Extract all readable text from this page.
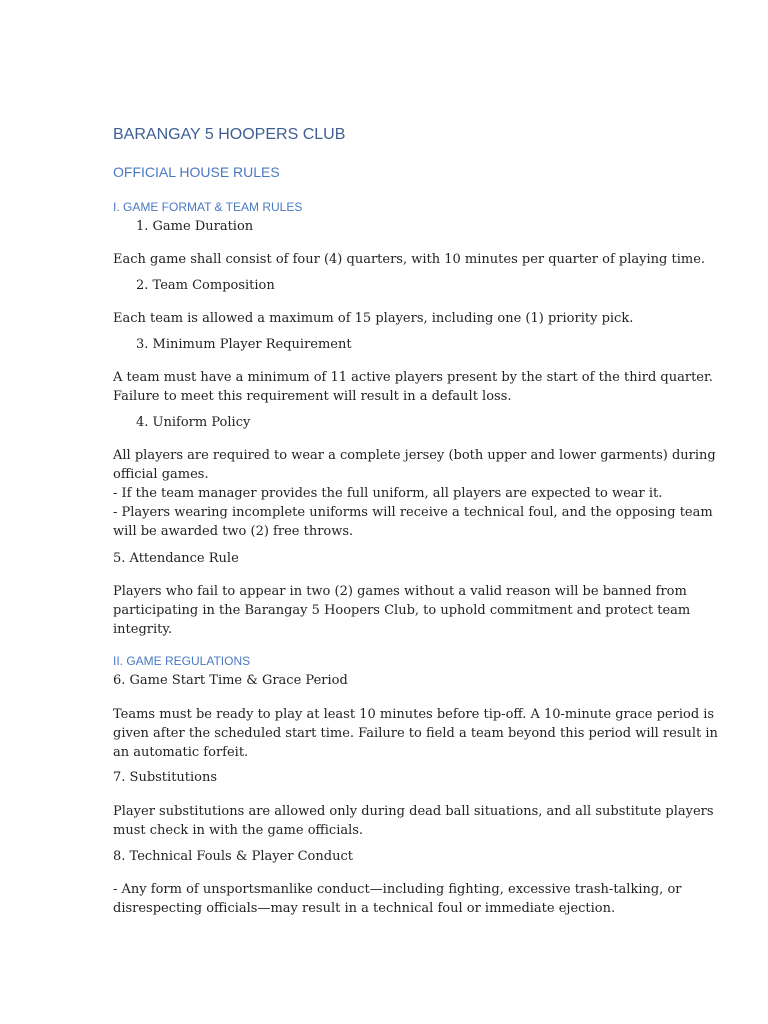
BARANGAY 5 HOOPERS CLUB
OFFICIAL HOUSE RULES
I. GAME FORMAT & TEAM RULES
1. Game Duration
Each game shall consist of four (4) quarters, with 10 minutes per quarter of playing time.
2. Team Composition
Each team is allowed a maximum of 15 players, including one (1) priority pick.
3. Minimum Player Requirement
A team must have a minimum of 11 active players present by the start of the third quarter.
Failure to meet this requirement will result in a default loss.
4. Uniform Policy
All players are required to wear a complete jersey (both upper and lower garments) during
official games.
- If the team manager provides the full uniform, all players are expected to wear it.
- Players wearing incomplete uniforms will receive a technical foul, and the opposing team
will be awarded two (2) free throws.
5. Attendance Rule
Players who fail to appear in two (2) games without a valid reason will be banned from
participating in the Barangay 5 Hoopers Club, to uphold commitment and protect team
integrity.
II. GAME REGULATIONS
6. Game Start Time & Grace Period
Teams must be ready to play at least 10 minutes before tip-off. A 10-minute grace period is
given after the scheduled start time. Failure to field a team beyond this period will result in
an automatic forfeit.
7. Substitutions
Player substitutions are allowed only during dead ball situations, and all substitute players
must check in with the game officials.
8. Technical Fouls & Player Conduct
- Any form of unsportsmanlike conduct—including fighting, excessive trash-talking, or
disrespecting officials—may result in a technical foul or immediate ejection.
